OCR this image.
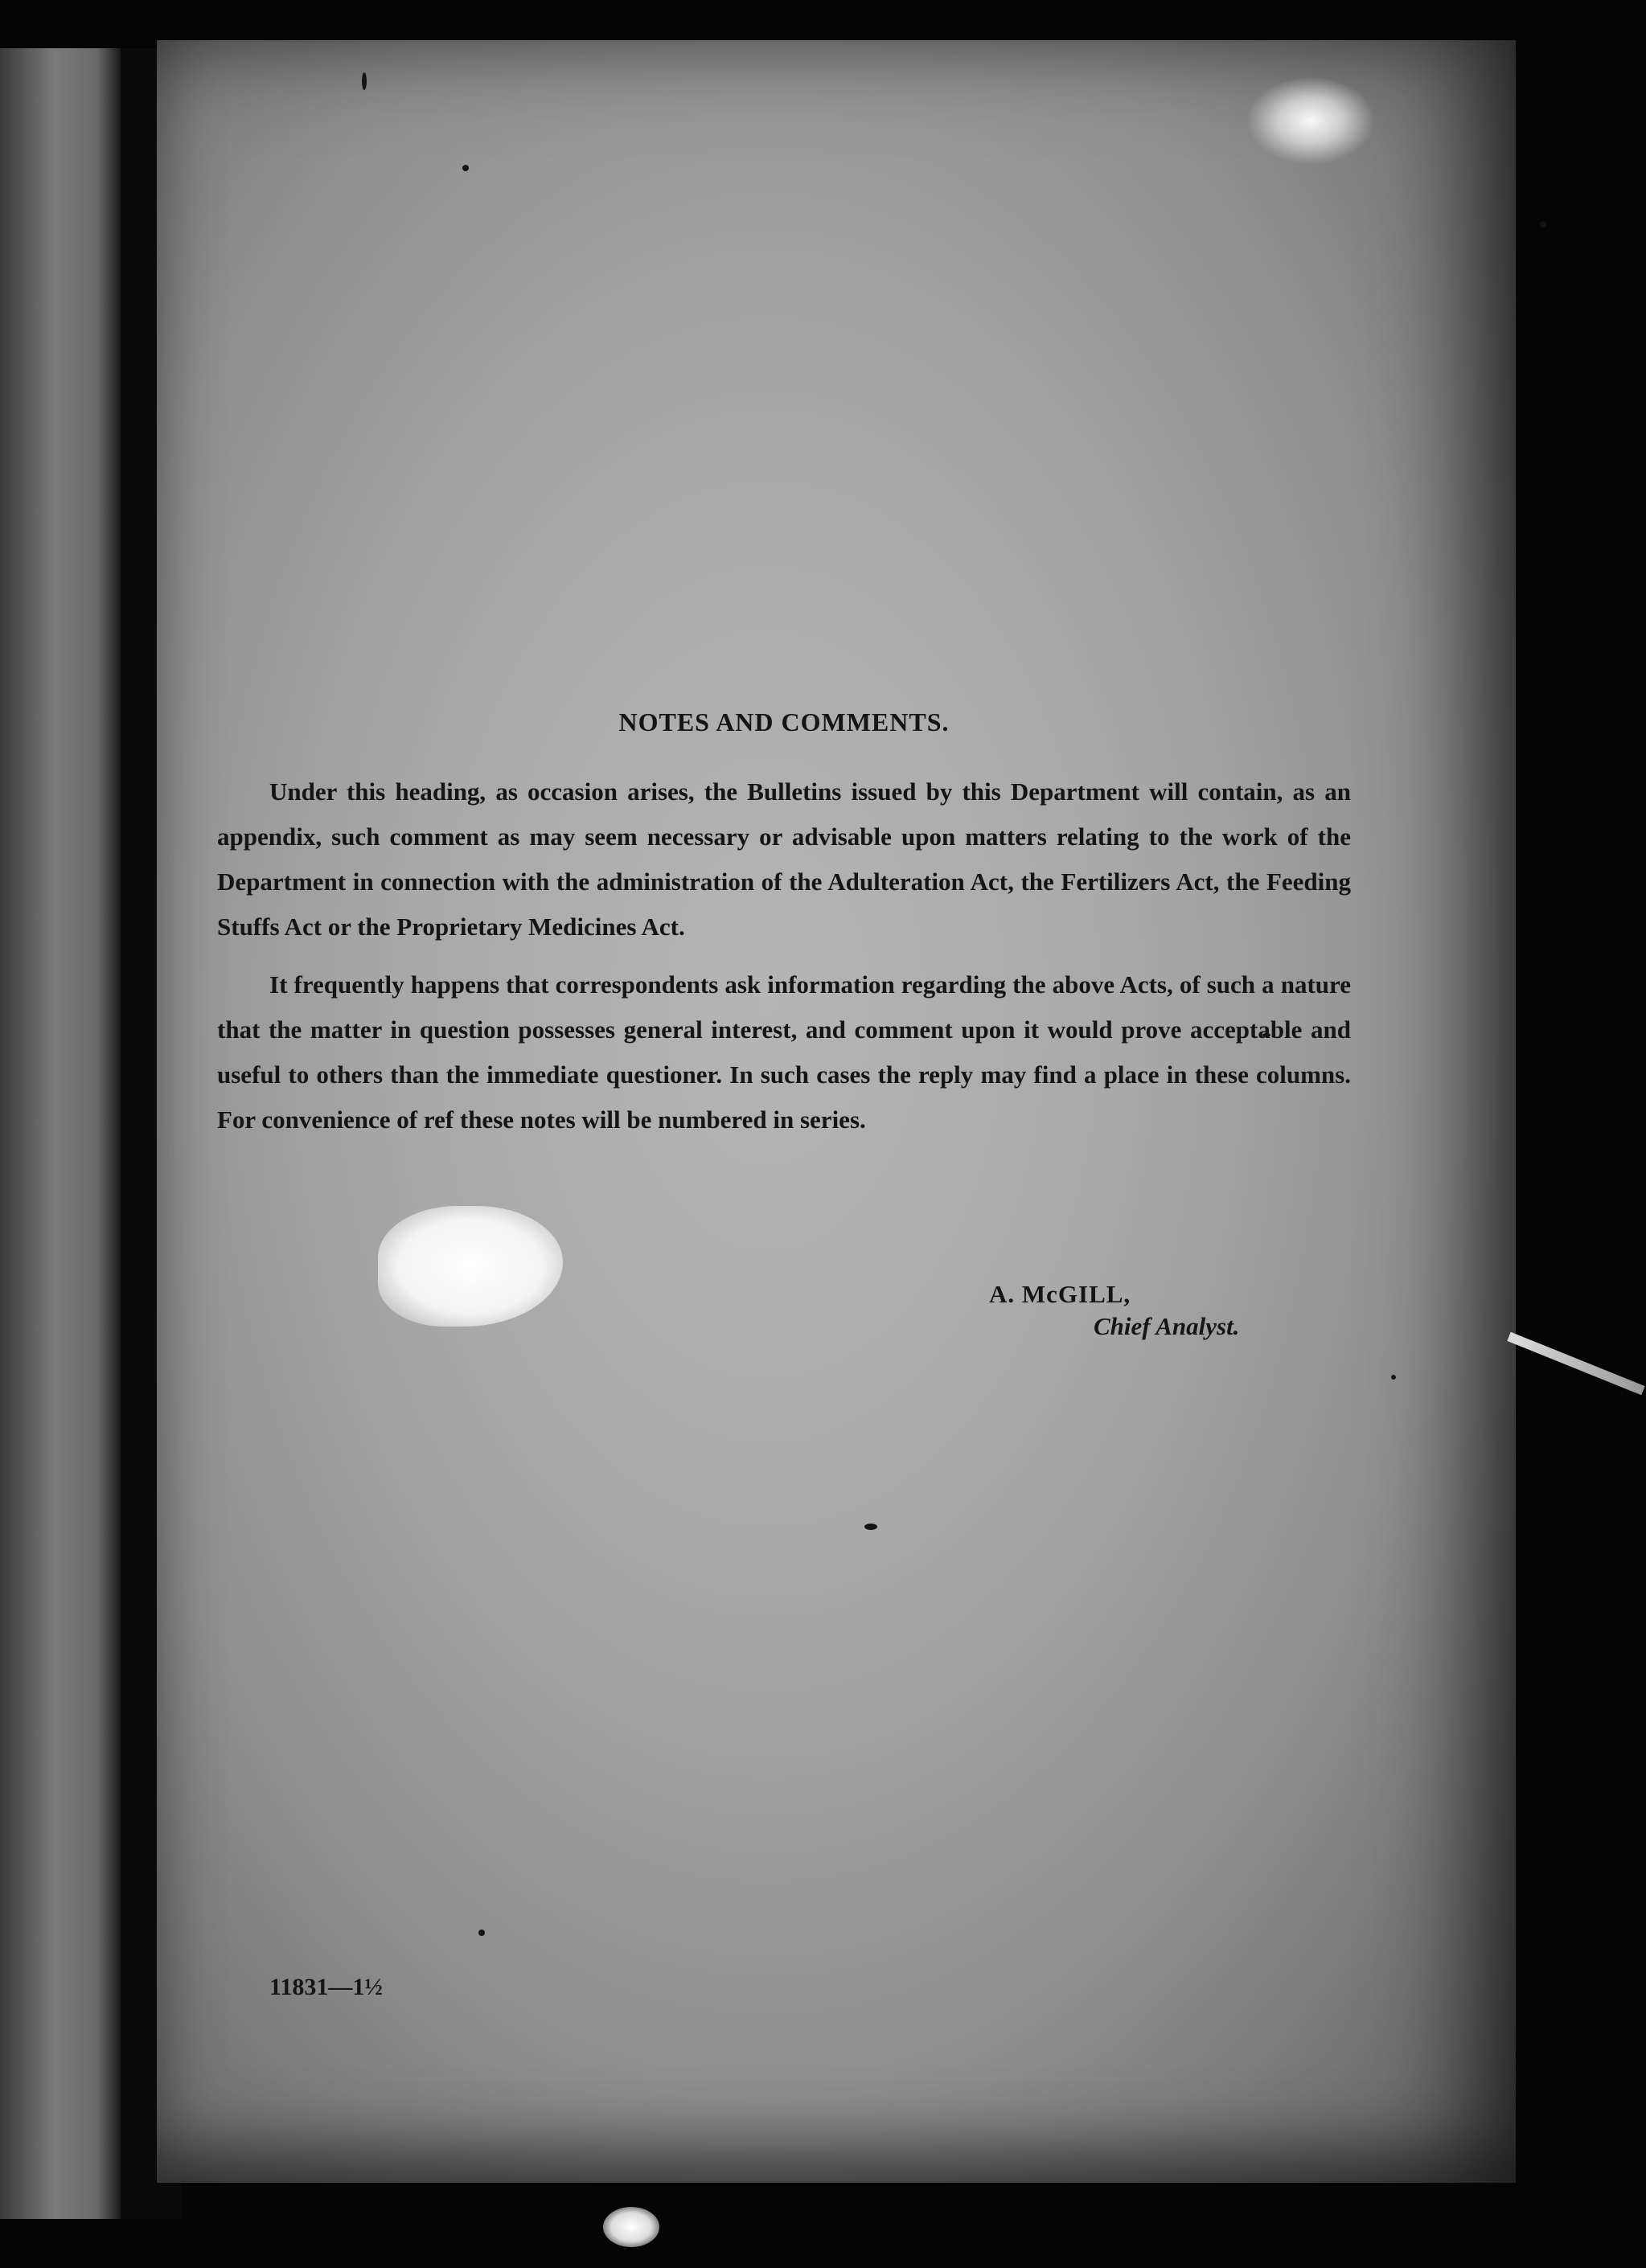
NOTES AND COMMENTS.

Under this heading, as occasion arises, the Bulletins issued by this Department will contain, as an appendix, such comment as may seem necessary or advisable upon matters relating to the work of the Department in connection with the administration of the Adulteration Act, the Fertilizers Act, the Feeding Stuffs Act or the Proprietary Medicines Act.

It frequently happens that correspondents ask information regarding the above Acts, of such a nature that the matter in question possesses general interest, and comment upon it would prove acceptable and useful to others than the immediate questioner. In such cases the reply may find a place in these columns. For convenience of ref these notes will be numbered in series.

A. McGILL,
Chief Analyst.
11831—1½
